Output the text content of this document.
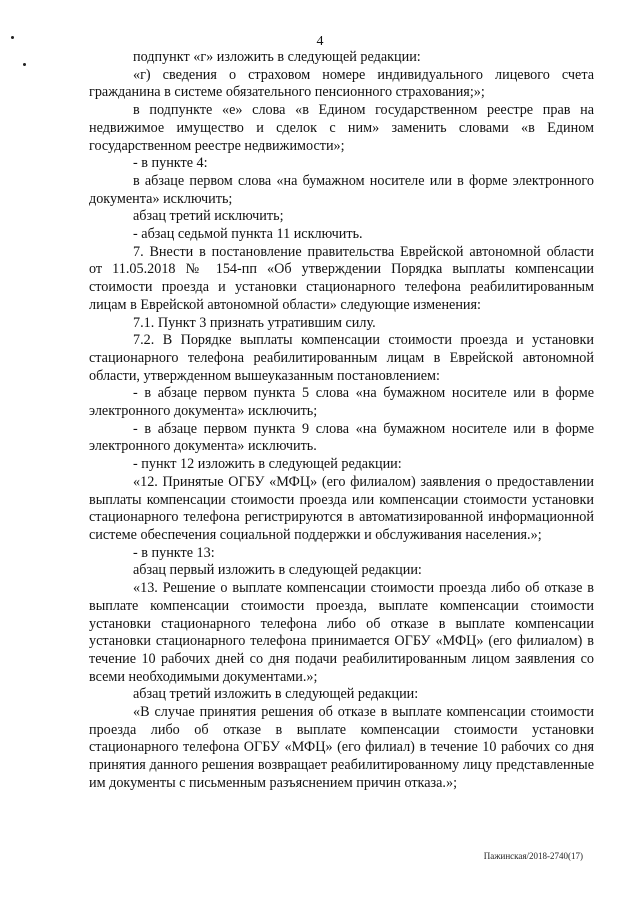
4

подпункт «г» изложить в следующей редакции:

«г) сведения о страховом номере индивидуального лицевого счета гражданина в системе обязательного пенсионного страхования;»;

в подпункте «е» слова «в Едином государственном реестре прав на недвижимое имущество и сделок с ним» заменить словами «в Едином государственном реестре недвижимости»;

- в пункте 4:

в абзаце первом слова «на бумажном носителе или в форме электронного документа» исключить;

абзац третий исключить;

- абзац седьмой пункта 11 исключить.

7. Внести в постановление правительства Еврейской автономной области от 11.05.2018 № 154-пп «Об утверждении Порядка выплаты компенсации стоимости проезда и установки стационарного телефона реабилитированным лицам в Еврейской автономной области» следующие изменения:

7.1. Пункт 3 признать утратившим силу.

7.2. В Порядке выплаты компенсации стоимости проезда и установки стационарного телефона реабилитированным лицам в Еврейской автономной области, утвержденном вышеуказанным постановлением:

- в абзаце первом пункта 5 слова «на бумажном носителе или в форме электронного документа» исключить;

- в абзаце первом пункта 9 слова «на бумажном носителе или в форме электронного документа» исключить.

- пункт 12 изложить в следующей редакции:

«12. Принятые ОГБУ «МФЦ» (его филиалом) заявления о предоставлении выплаты компенсации стоимости проезда или компенсации стоимости установки стационарного телефона регистрируются в автоматизированной информационной системе обеспечения социальной поддержки и обслуживания населения.»;

- в пункте 13:

абзац первый изложить в следующей редакции:

«13. Решение о выплате компенсации стоимости проезда либо об отказе в выплате компенсации стоимости проезда, выплате компенсации стоимости установки стационарного телефона либо об отказе в выплате компенсации установки стационарного телефона принимается ОГБУ «МФЦ» (его филиалом) в течение 10 рабочих дней со дня подачи реабилитированным лицом заявления со всеми необходимыми документами.»;

абзац третий изложить в следующей редакции:

«В случае принятия решения об отказе в выплате компенсации стоимости проезда либо об отказе в выплате компенсации стоимости установки стационарного телефона ОГБУ «МФЦ» (его филиал) в течение 10 рабочих со дня принятия данного решения возвращает реабилитированному лицу представленные им документы с письменным разъяснением причин отказа.»;

Пажинская/2018-2740(17)
